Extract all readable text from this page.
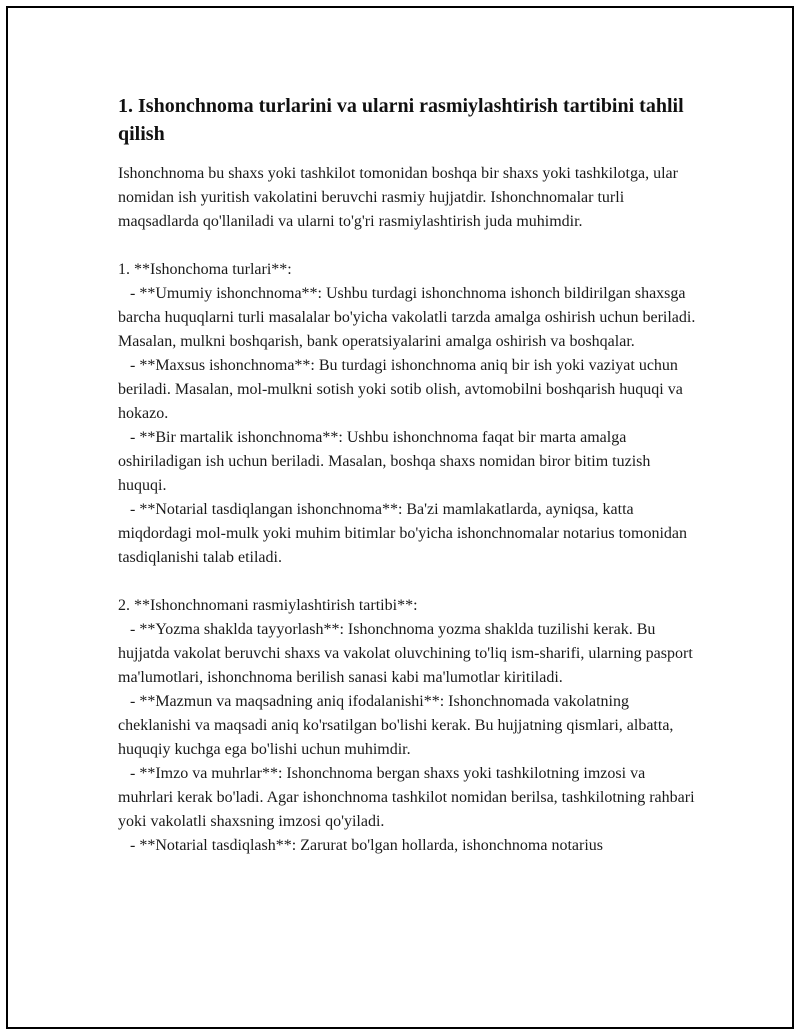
1. Ishonchnoma turlarini va ularni rasmiylashtirish tartibini tahlil qilish

Ishonchnoma bu shaxs yoki tashkilot tomonidan boshqa bir shaxs yoki tashkilotga, ular nomidan ish yuritish vakolatini beruvchi rasmiy hujjatdir. Ishonchnomalar turli maqsadlarda qo'llaniladi va ularni to'g'ri rasmiylashtirish juda muhimdir.

1. **Ishonchoma turlari**:

- **Umumiy ishonchnoma**: Ushbu turdagi ishonchnoma ishonch bildirilgan shaxsga barcha huquqlarni turli masalalar bo'yicha vakolatli tarzda amalga oshirish uchun beriladi. Masalan, mulkni boshqarish, bank operatsiyalarini amalga oshirish va boshqalar.

- **Maxsus ishonchnoma**: Bu turdagi ishonchnoma aniq bir ish yoki vaziyat uchun beriladi. Masalan, mol-mulkni sotish yoki sotib olish, avtomobilni boshqarish huquqi va hokazo.

- **Bir martalik ishonchnoma**: Ushbu ishonchnoma faqat bir marta amalga oshiriladigan ish uchun beriladi. Masalan, boshqa shaxs nomidan biror bitim tuzish huquqi.

- **Notarial tasdiqlangan ishonchnoma**: Ba'zi mamlakatlarda, ayniqsa, katta miqdordagi mol-mulk yoki muhim bitimlar bo'yicha ishonchnomalar notarius tomonidan tasdiqlanishi talab etiladi.

2. **Ishonchnomani rasmiylashtirish tartibi**:

- **Yozma shaklda tayyorlash**: Ishonchnoma yozma shaklda tuzilishi kerak. Bu hujjatda vakolat beruvchi shaxs va vakolat oluvchining to'liq ism-sharifi, ularning pasport ma'lumotlari, ishonchnoma berilish sanasi kabi ma'lumotlar kiritiladi.

- **Mazmun va maqsadning aniq ifodalanishi**: Ishonchnomada vakolatning cheklanishi va maqsadi aniq ko'rsatilgan bo'lishi kerak. Bu hujjatning qismlari, albatta, huquqiy kuchga ega bo'lishi uchun muhimdir.

- **Imzo va muhrlar**: Ishonchnoma bergan shaxs yoki tashkilotning imzosi va muhrlari kerak bo'ladi. Agar ishonchnoma tashkilot nomidan berilsa, tashkilotning rahbari yoki vakolatli shaxsning imzosi qo'yiladi.

- **Notarial tasdiqlash**: Zarurat bo'lgan hollarda, ishonchnoma notarius
